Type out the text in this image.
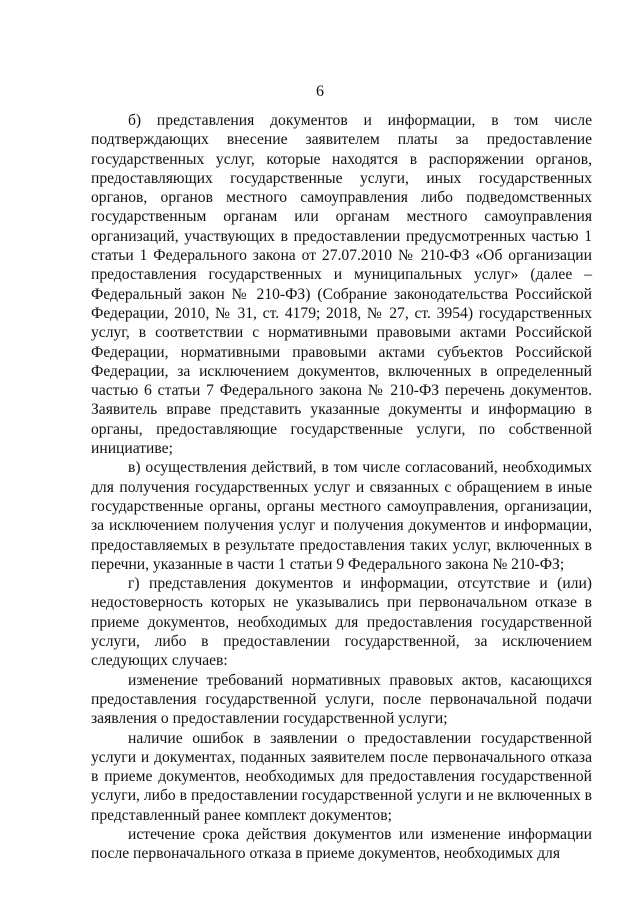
6

б) представления документов и информации, в том числе подтверждающих внесение заявителем платы за предоставление государственных услуг, которые находятся в распоряжении органов, предоставляющих государственные услуги, иных государственных органов, органов местного самоуправления либо подведомственных государственным органам или органам местного самоуправления организаций, участвующих в предоставлении предусмотренных частью 1 статьи 1 Федерального закона от 27.07.2010 № 210-ФЗ «Об организации предоставления государственных и муниципальных услуг» (далее – Федеральный закон № 210-ФЗ) (Собрание законодательства Российской Федерации, 2010, № 31, ст. 4179; 2018, № 27, ст. 3954) государственных услуг, в соответствии с нормативными правовыми актами Российской Федерации, нормативными правовыми актами субъектов Российской Федерации, за исключением документов, включенных в определенный частью 6 статьи 7 Федерального закона № 210-ФЗ перечень документов. Заявитель вправе представить указанные документы и информацию в органы, предоставляющие государственные услуги, по собственной инициативе;

в) осуществления действий, в том числе согласований, необходимых для получения государственных услуг и связанных с обращением в иные государственные органы, органы местного самоуправления, организации, за исключением получения услуг и получения документов и информации, предоставляемых в результате предоставления таких услуг, включенных в перечни, указанные в части 1 статьи 9 Федерального закона № 210-ФЗ;

г) представления документов и информации, отсутствие и (или) недостоверность которых не указывались при первоначальном отказе в приеме документов, необходимых для предоставления государственной услуги, либо в предоставлении государственной, за исключением следующих случаев:

изменение требований нормативных правовых актов, касающихся предоставления государственной услуги, после первоначальной подачи заявления о предоставлении государственной услуги;

наличие ошибок в заявлении о предоставлении государственной услуги и документах, поданных заявителем после первоначального отказа в приеме документов, необходимых для предоставления государственной услуги, либо в предоставлении государственной услуги и не включенных в представленный ранее комплект документов;

истечение срока действия документов или изменение информации после первоначального отказа в приеме документов, необходимых для
